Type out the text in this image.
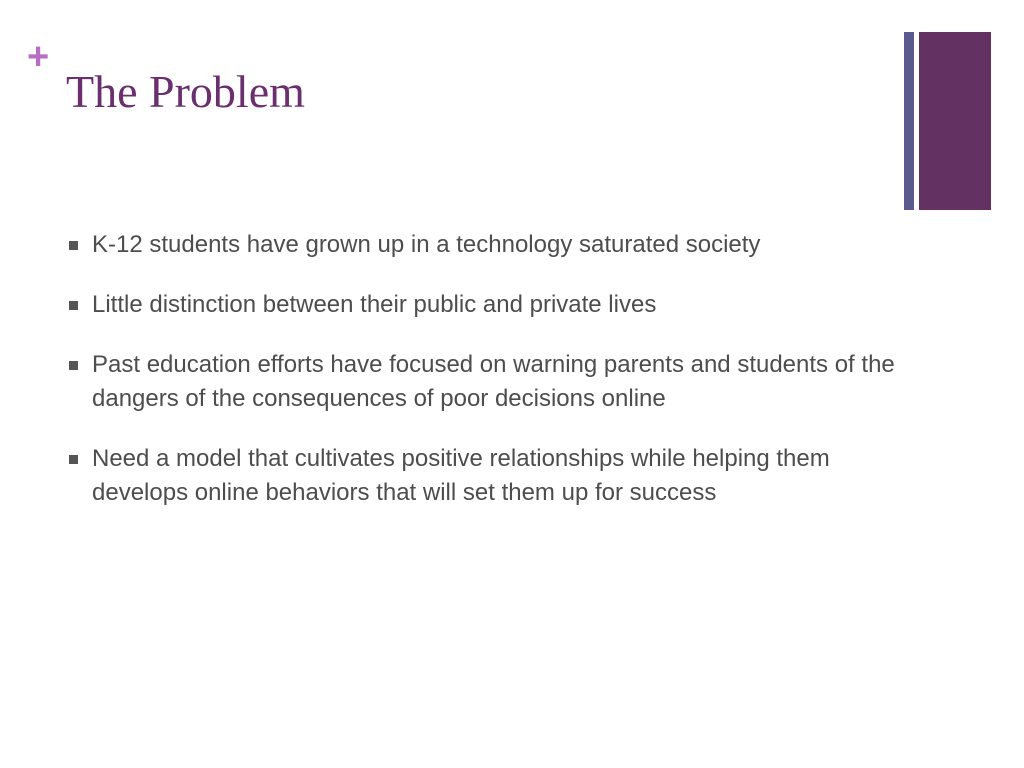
+
The Problem
K-12 students have grown up in a technology saturated society
Little distinction between their public and private lives
Past education efforts have focused on warning parents and students of the dangers of the consequences of poor decisions online
Need a model that cultivates positive relationships while helping them develops online behaviors that will set them up for success
